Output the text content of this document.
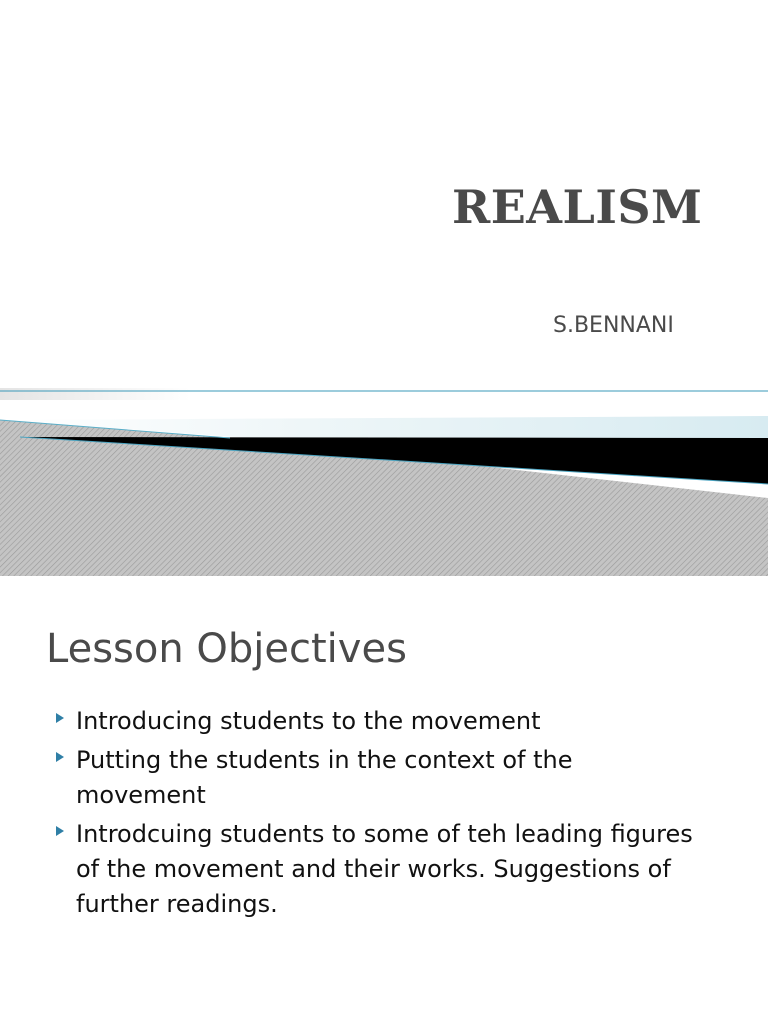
REALISM
S.BENNANI
Lesson Objectives
Introducing students to the movement
Putting the students in the context of the movement
Introdcuing students to some of teh leading figures of the movement and their works. Suggestions of further readings.
